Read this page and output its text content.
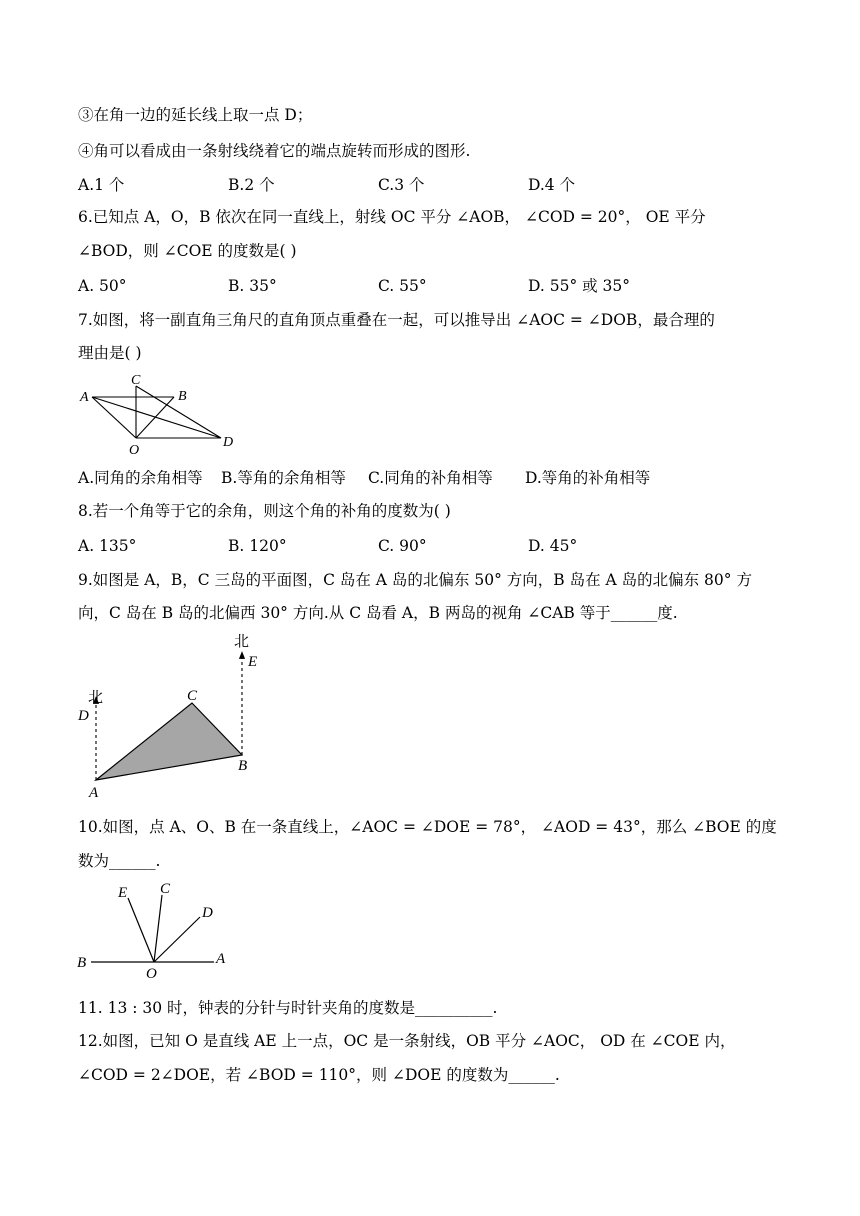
③在角一边的延长线上取一点 D；
④角可以看成由一条射线绕着它的端点旋转而形成的图形.
A.1 个	B.2 个	C.3 个	D.4 个
6.已知点 A，O，B 依次在同一直线上，射线 OC 平分 ∠AOB， ∠COD = 20°， OE 平分
∠BOD，则 ∠COE 的度数是( )
A. 50°	B. 35°	C. 55°	D. 55° 或 35°
7.如图，将一副直角三角尺的直角顶点重叠在一起，可以推导出 ∠AOC = ∠DOB，最合理的
理由是( )
A
C
B
O
D
A.同角的余角相等 B.等角的余角相等 C.同角的补角相等 D.等角的补角相等
8.若一个角等于它的余角，则这个角的补角的度数为( )
A. 135°	B. 120°	C. 90°	D. 45°
9.如图是 A，B，C 三岛的平面图，C 岛在 A 岛的北偏东 50° 方向，B 岛在 A 岛的北偏东 80° 方
向，C 岛在 B 岛的北偏西 30° 方向.从 C 岛看 A，B 两岛的视角 ∠CAB 等于______度.
北
北
E
D
C
B
A
10.如图，点 A、O、B 在一条直线上，∠AOC = ∠DOE = 78°， ∠AOD = 43°，那么 ∠BOE 的度
数为______.
E C
D
B
O
A
11. 13 : 30 时，钟表的分针与时针夹角的度数是__________.
12.如图，已知 O 是直线 AE 上一点，OC 是一条射线，OB 平分 ∠AOC， OD 在 ∠COE 内，
∠COD = 2∠DOE，若 ∠BOD = 110°，则 ∠DOE 的度数为______.
